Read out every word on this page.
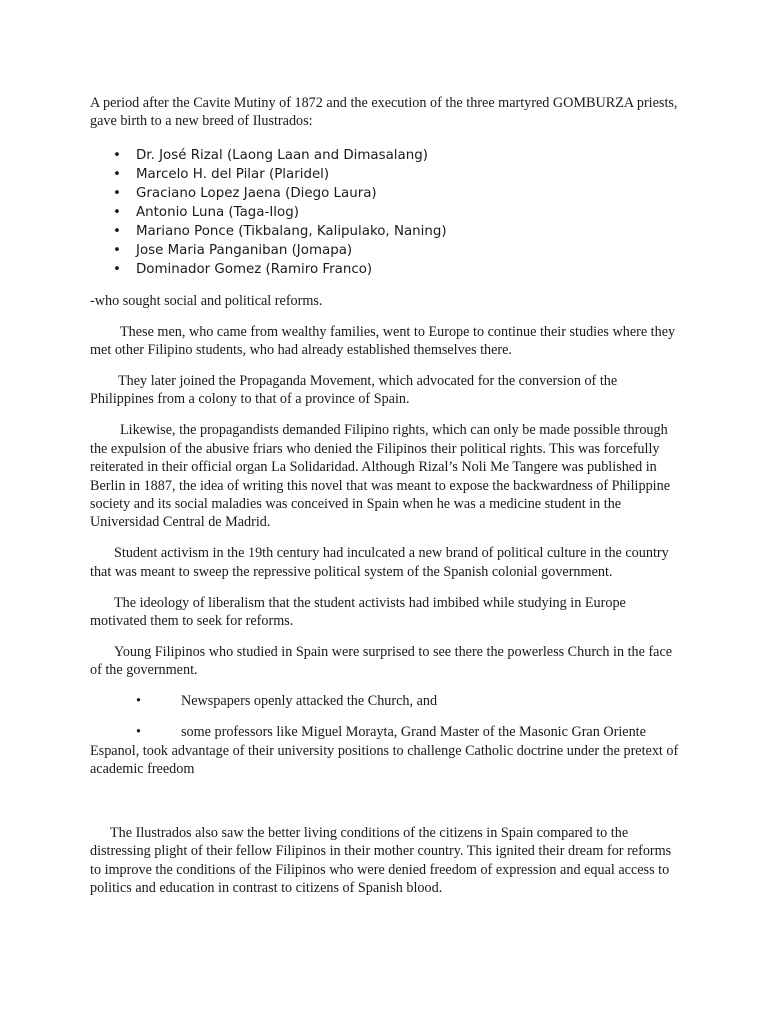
A period after the Cavite Mutiny of 1872 and the execution of the three martyred GOMBURZA priests, gave birth to a new breed of Ilustrados:

• Dr. José Rizal (Laong Laan and Dimasalang)
• Marcelo H. del Pilar (Plaridel)
• Graciano Lopez Jaena (Diego Laura)
• Antonio Luna (Taga-Ilog)
• Mariano Ponce (Tikbalang, Kalipulako, Naning)
• Jose Maria Panganiban (Jomapa)
• Dominador Gomez (Ramiro Franco)

-who sought social and political reforms.

These men, who came from wealthy families, went to Europe to continue their studies where they met other Filipino students, who had already established themselves there.

They later joined the Propaganda Movement, which advocated for the conversion of the Philippines from a colony to that of a province of Spain.

Likewise, the propagandists demanded Filipino rights, which can only be made possible through the expulsion of the abusive friars who denied the Filipinos their political rights. This was forcefully reiterated in their official organ La Solidaridad. Although Rizal’s Noli Me Tangere was published in Berlin in 1887, the idea of writing this novel that was meant to expose the backwardness of Philippine society and its social maladies was conceived in Spain when he was a medicine student in the Universidad Central de Madrid.

Student activism in the 19th century had inculcated a new brand of political culture in the country that was meant to sweep the repressive political system of the Spanish colonial government.

The ideology of liberalism that the student activists had imbibed while studying in Europe motivated them to seek for reforms.

Young Filipinos who studied in Spain were surprised to see there the powerless Church in the face of the government.

•	Newspapers openly attacked the Church, and

•	some professors like Miguel Morayta, Grand Master of the Masonic Gran Oriente Espanol, took advantage of their university positions to challenge Catholic doctrine under the pretext of academic freedom

The Ilustrados also saw the better living conditions of the citizens in Spain compared to the distressing plight of their fellow Filipinos in their mother country. This ignited their dream for reforms to improve the conditions of the Filipinos who were denied freedom of expression and equal access to politics and education in contrast to citizens of Spanish blood.
